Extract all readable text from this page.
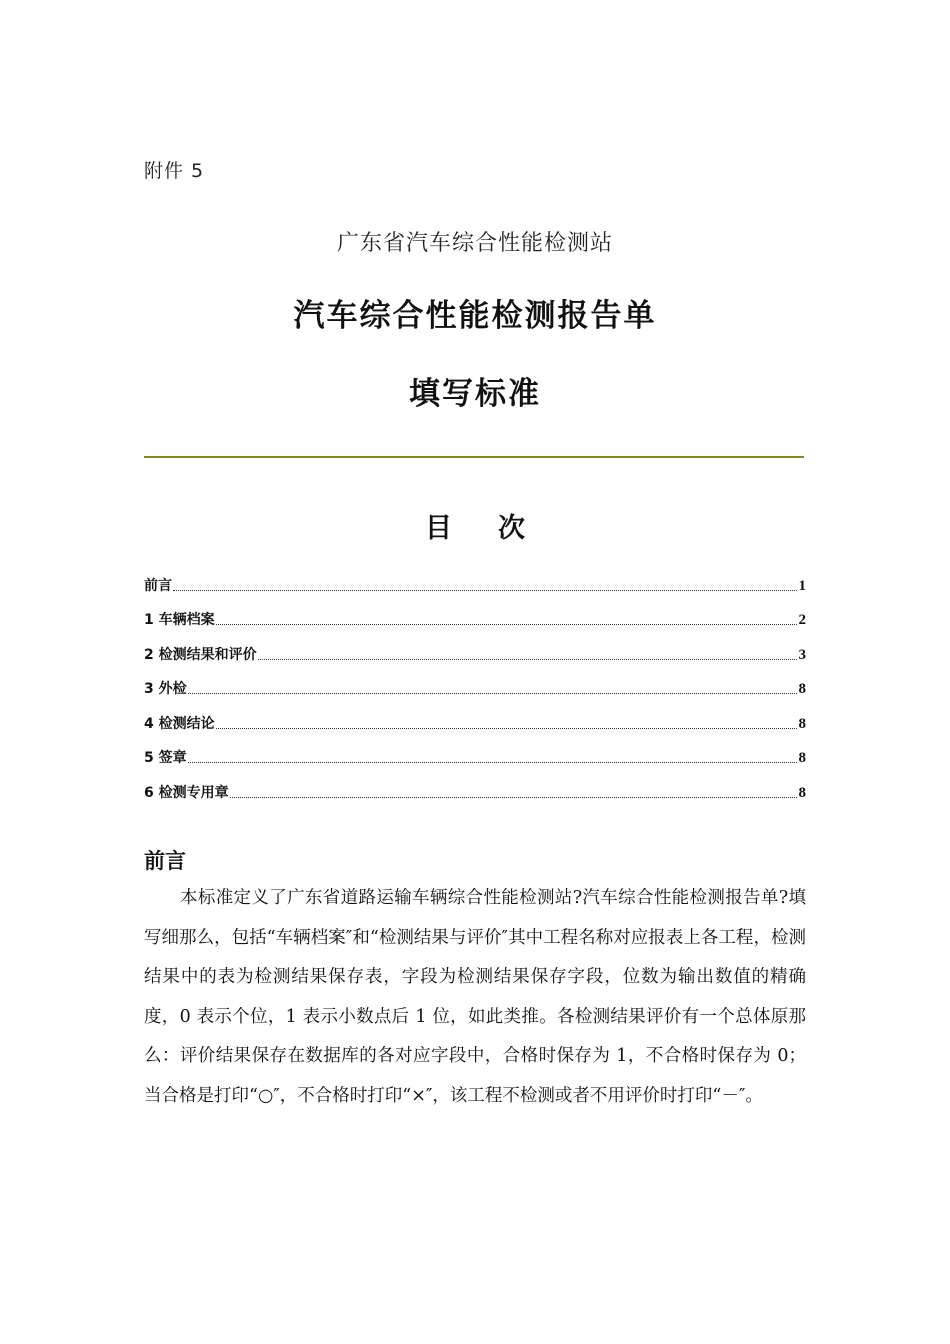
附件 5
广东省汽车综合性能检测站
汽车综合性能检测报告单
填写标准
目 次
前言	1
1 车辆档案	2
2 检测结果和评价	3
3 外检	8
4 检测结论	8
5 签章	8
6 检测专用章	8
前言

本标准定义了广东省道路运输车辆综合性能检测站?汽车综合性能检测报告单?填写细那么，包括“车辆档案″和“检测结果与评价″其中工程名称对应报表上各工程，检测结果中的表为检测结果保存表，字段为检测结果保存字段，位数为输出数值的精确度，0 表示个位，1 表示小数点后 1 位，如此类推。各检测结果评价有一个总体原那么：评价结果保存在数据库的各对应字段中，合格时保存为 1，不合格时保存为 0；当合格是打印“○″，不合格时打印“×″，该工程不检测或者不用评价时打印“－″。
